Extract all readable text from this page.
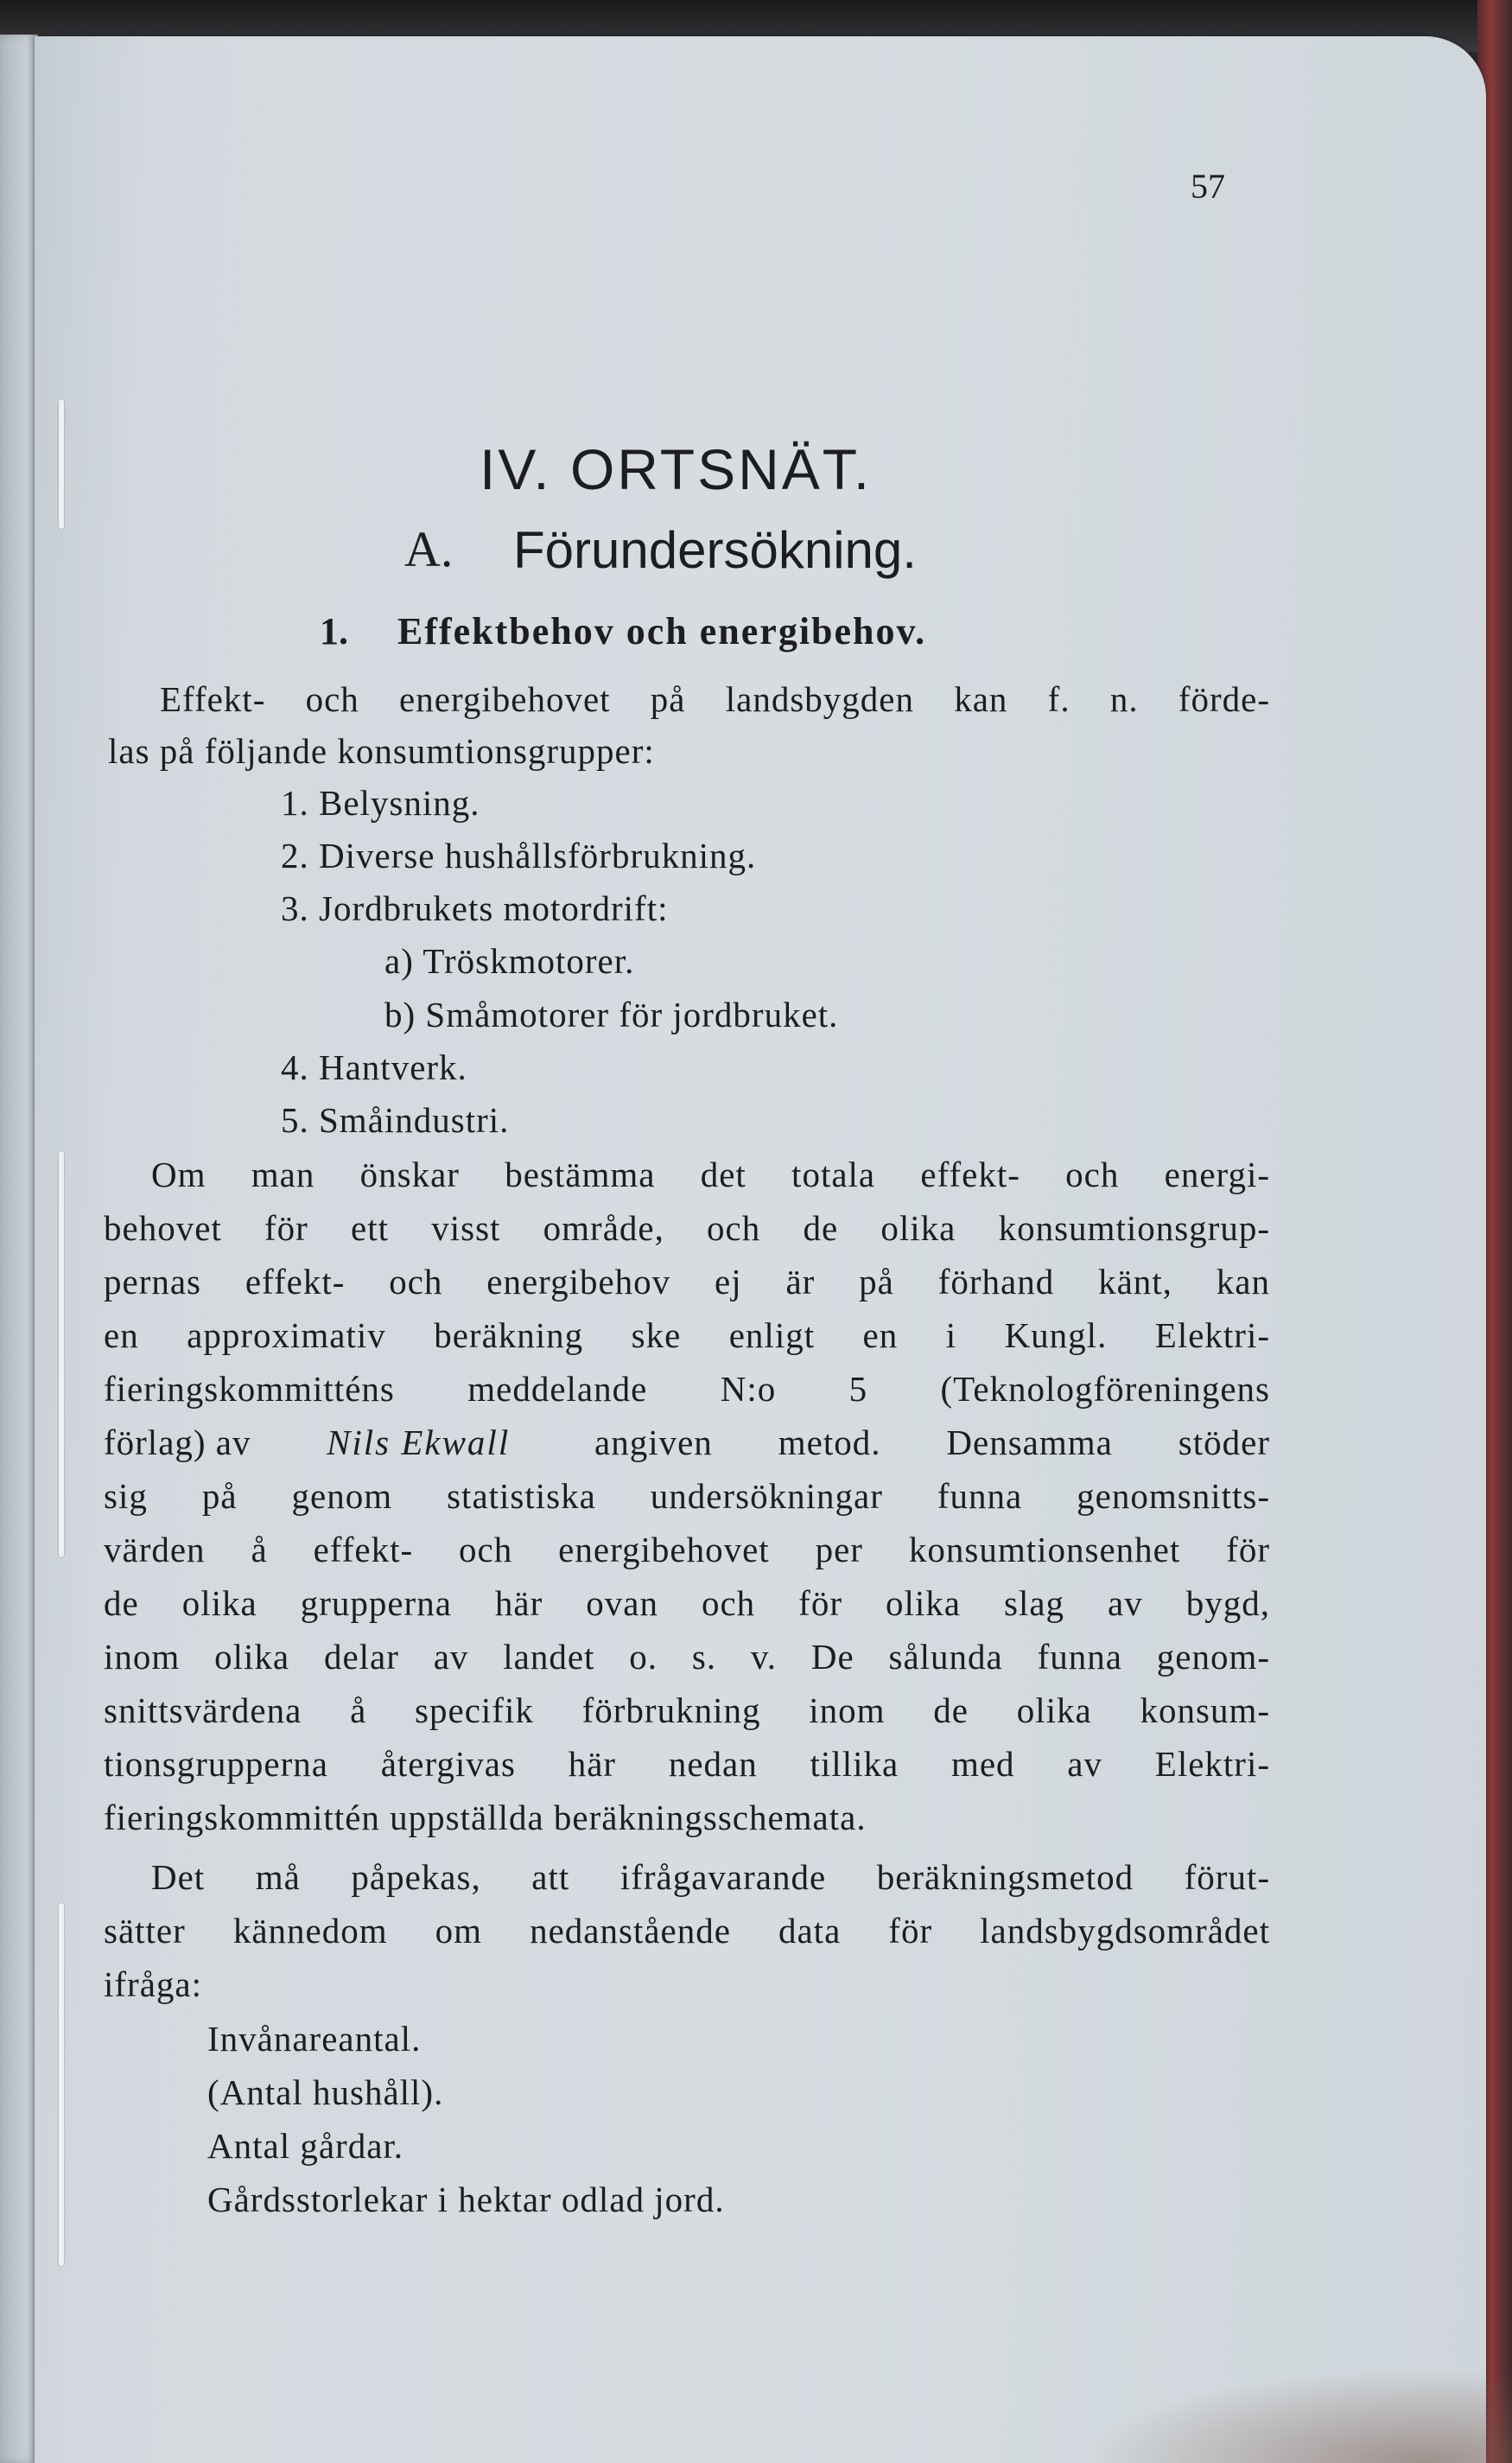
57
IV. ORTSNÄT.
A. Förundersökning.
1. Effektbehov och energibehov.
Effekt- och energibehovet på landsbygden kan f. n. förde-
las på följande konsumtionsgrupper:
1. Belysning.
2. Diverse hushållsförbrukning.
3. Jordbrukets motordrift:
a) Tröskmotorer.
b) Småmotorer för jordbruket.
4. Hantverk.
5. Småindustri.
Om man önskar bestämma det totala effekt- och energi-
behovet för ett visst område, och de olika konsumtionsgrup-
pernas effekt- och energibehov ej är på förhand känt, kan
en approximativ beräkning ske enligt en i Kungl. Elektri-
fieringskommitténs meddelande N:o 5 (Teknologföreningens
förlag) av Nils Ekwall angiven metod. Densamma stöder
sig på genom statistiska undersökningar funna genomsnitts-
värden å effekt- och energibehovet per konsumtionsenhet för
de olika grupperna här ovan och för olika slag av bygd,
inom olika delar av landet o. s. v. De sålunda funna genom-
snittsvärdena å specifik förbrukning inom de olika konsum-
tionsgrupperna återgivas här nedan tillika med av Elektri-
fieringskommittén uppställda beräkningsschemata.
Det må påpekas, att ifrågavarande beräkningsmetod förut-
sätter kännedom om nedanstående data för landsbygdsområdet
ifråga:
Invånareantal.
(Antal hushåll).
Antal gårdar.
Gårdsstorlekar i hektar odlad jord.
